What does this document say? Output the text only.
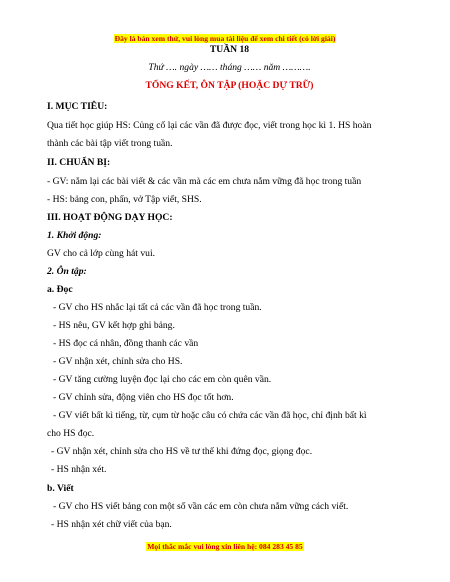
Đây là bản xem thử, vui lòng mua tài liệu để xem chi tiết (có lời giải)
TUẦN 18
Thứ …. ngày …… tháng …… năm ……….
TỔNG KẾT, ÔN TẬP (HOẶC DỰ TRỮ)
I. MỤC TIÊU:
Qua tiết học giúp HS: Củng cố lại các vần đã được đọc, viết trong học kì 1. HS hoàn
thành các bài tập viết trong tuần.
II. CHUẨN BỊ:
- GV: nắm lại các bài viết & các vần mà các em chưa nắm vững đã học trong tuần
- HS: bảng con, phấn, vở Tập viết, SHS.
III. HOẠT ĐỘNG DẠY HỌC:
1. Khởi động:
GV cho cả lớp cùng hát vui.
2. Ôn tập:
a. Đọc
- GV cho HS nhắc lại tất cả các vần đã học trong tuần.
- HS nêu, GV kết hợp ghi bảng.
- HS đọc cá nhân, đồng thanh các vần
- GV nhận xét, chỉnh sửa cho HS.
- GV tăng cường luyện đọc lại cho các em còn quên vần.
- GV chỉnh sửa, động viên cho HS đọc tốt hơn.
- GV viết bất kì tiếng, từ, cụm từ hoặc câu có chứa các vần đã học, chỉ định bất kì
cho HS đọc.
- GV nhận xét, chỉnh sửa cho HS về tư thế khi đứng đọc, giọng đọc.
- HS nhận xét.
b. Viết
- GV cho HS viết bảng con một số vần các em còn chưa nắm vững cách viết.
- HS nhận xét chữ viết của bạn.
Mọi thắc mắc vui lòng xin liên hệ: 084 283 45 85
